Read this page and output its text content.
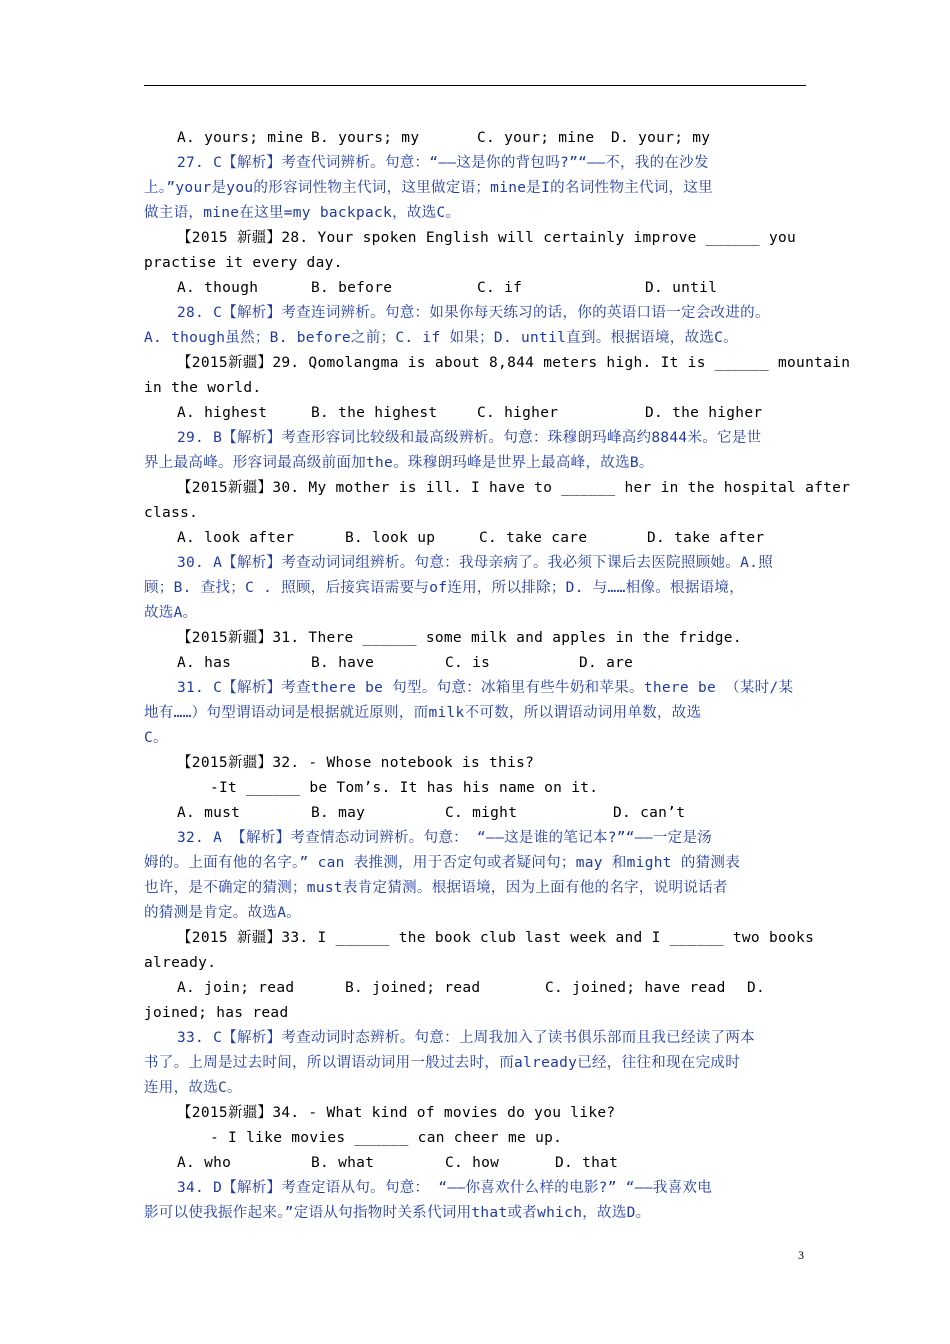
A. yours; mine B. yours; my	C. your; mine D. your; my
27. C【解析】考查代词辨析。句意：“——这是你的背包吗?”“——不，我的在沙发
上。”your是you的形容词性物主代词，这里做定语；mine是I的名词性物主代词，这里
做主语，mine在这里=my backpack，故选C。
【2015 新疆】28. Your spoken English will certainly improve ______ you
practise it every day.
A. though	B. before	C. if	D. until
28. C【解析】考查连词辨析。句意：如果你每天练习的话，你的英语口语一定会改进的。
A. though虽然；B. before之前；C. if 如果；D. until直到。根据语境，故选C。
【2015新疆】29. Qomolangma is about 8,844 meters high. It is ______ mountain
in the world.
A. highest	B. the highest	C. higher	D. the higher
29. B【解析】考查形容词比较级和最高级辨析。句意：珠穆朗玛峰高约8844米。它是世
界上最高峰。形容词最高级前面加the。珠穆朗玛峰是世界上最高峰，故选B。
【2015新疆】30. My mother is ill. I have to ______ her in the hospital after
class.
A. look after	B. look up	C. take care	D. take after
30. A【解析】考查动词词组辨析。句意：我母亲病了。我必须下课后去医院照顾她。A.照
顾；B. 查找；C . 照顾，后接宾语需要与of连用，所以排除；D. 与……相像。根据语境，
故选A。
【2015新疆】31. There ______ some milk and apples in the fridge.
A. has	B. have	C. is	D. are
31. C【解析】考查there be 句型。句意：冰箱里有些牛奶和苹果。there be （某时/某
地有……）句型谓语动词是根据就近原则，而milk不可数，所以谓语动词用单数，故选
C。
【2015新疆】32. - Whose notebook is this?
-It ______ be Tom’s. It has his name on it.
A. must	B. may	C. might	D. can’t
32. A 【解析】考查情态动词辨析。句意： “——这是谁的笔记本?”“——一定是汤
姆的。上面有他的名字。” can 表推测，用于否定句或者疑问句；may 和might 的猜测表
也许，是不确定的猜测；must表肯定猜测。根据语境，因为上面有他的名字，说明说话者
的猜测是肯定。故选A。
【2015 新疆】33. I ______ the book club last week and I ______ two books
already.
A. join; read	B. joined; read	C. joined; have read D.
joined; has read
33. C【解析】考查动词时态辨析。句意：上周我加入了读书俱乐部而且我已经读了两本
书了。上周是过去时间，所以谓语动词用一般过去时，而already已经，往往和现在完成时
连用，故选C。
【2015新疆】34. - What kind of movies do you like?
- I like movies ______ can cheer me up.
A. who	B. what	C. how	D. that
34. D【解析】考查定语从句。句意： “——你喜欢什么样的电影?” “——我喜欢电
影可以使我振作起来。”定语从句指物时关系代词用that或者which，故选D。
3
